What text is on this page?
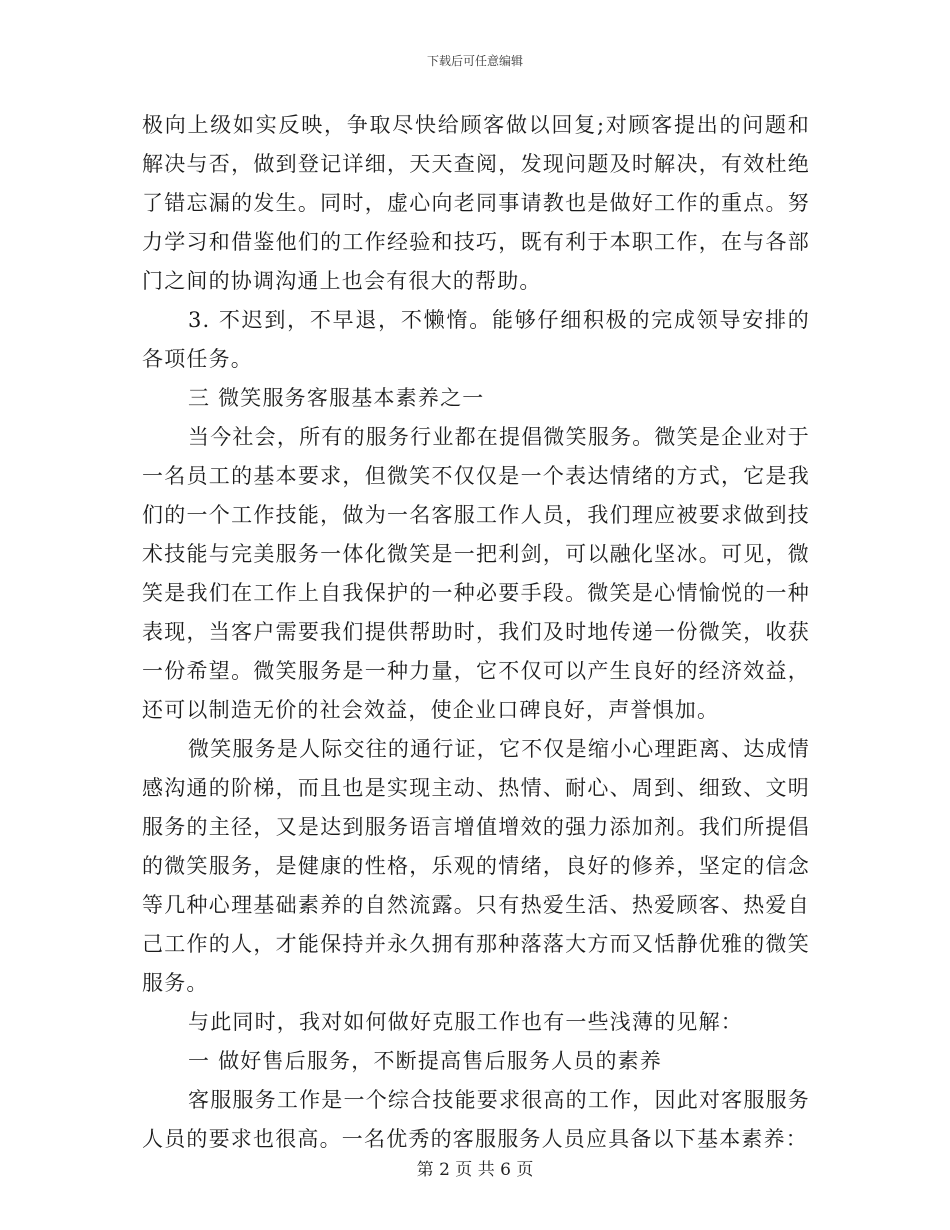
下载后可任意编辑

极向上级如实反映，争取尽快给顾客做以回复;对顾客提出的问题和解决与否，做到登记详细，天天查阅，发现问题及时解决，有效杜绝了错忘漏的发生。同时，虚心向老同事请教也是做好工作的重点。努力学习和借鉴他们的工作经验和技巧，既有利于本职工作，在与各部门之间的协调沟通上也会有很大的帮助。

3. 不迟到，不早退，不懒惰。能够仔细积极的完成领导安排的各项任务。

三 微笑服务客服基本素养之一

当今社会，所有的服务行业都在提倡微笑服务。微笑是企业对于一名员工的基本要求，但微笑不仅仅是一个表达情绪的方式，它是我们的一个工作技能，做为一名客服工作人员，我们理应被要求做到技术技能与完美服务一体化微笑是一把利剑，可以融化坚冰。可见，微笑是我们在工作上自我保护的一种必要手段。微笑是心情愉悦的一种表现，当客户需要我们提供帮助时，我们及时地传递一份微笑，收获一份希望。微笑服务是一种力量，它不仅可以产生良好的经济效益，还可以制造无价的社会效益，使企业口碑良好，声誉惧加。

微笑服务是人际交往的通行证，它不仅是缩小心理距离、达成情感沟通的阶梯，而且也是实现主动、热情、耐心、周到、细致、文明服务的主径，又是达到服务语言增值增效的强力添加剂。我们所提倡的微笑服务，是健康的性格，乐观的情绪，良好的修养，坚定的信念等几种心理基础素养的自然流露。只有热爱生活、热爱顾客、热爱自己工作的人，才能保持并永久拥有那种落落大方而又恬静优雅的微笑服务。

与此同时，我对如何做好克服工作也有一些浅薄的见解：

一 做好售后服务，不断提高售后服务人员的素养

客服服务工作是一个综合技能要求很高的工作，因此对客服服务人员的要求也很高。一名优秀的客服服务人员应具备以下基本素养：

第 2 页 共 6 页
